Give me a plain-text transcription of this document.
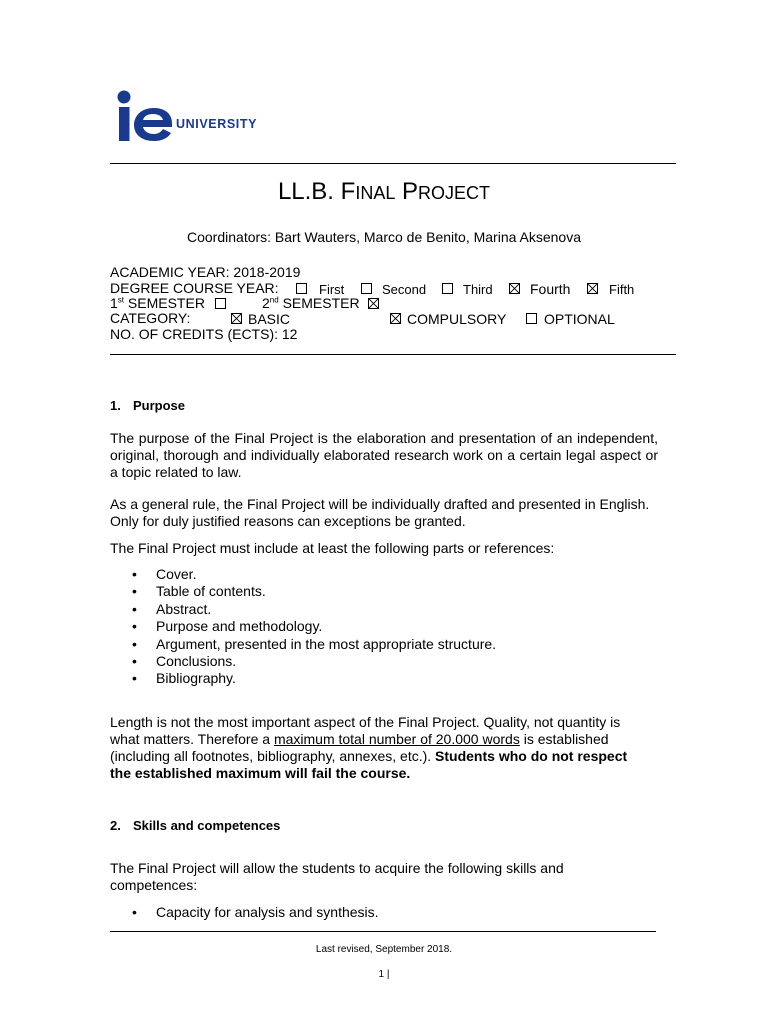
UNIVERSITY
LL.B. FINAL PROJECT
Coordinators: Bart Wauters, Marco de Benito, Marina Aksenova
ACADEMIC YEAR: 2018-2019
DEGREE COURSE YEAR:	First	Second	Third	Fourth	Fifth
1st SEMESTER	2nd SEMESTER
CATEGORY:	BASIC	COMPULSORY	OPTIONAL
NO. OF CREDITS (ECTS): 12
1. Purpose
The purpose of the Final Project is the elaboration and presentation of an independent, original, thorough and individually elaborated research work on a certain legal aspect or a topic related to law.
As a general rule, the Final Project will be individually drafted and presented in English. Only for duly justified reasons can exceptions be granted.
The Final Project must include at least the following parts or references:
• Cover.
• Table of contents.
• Abstract.
• Purpose and methodology.
• Argument, presented in the most appropriate structure.
• Conclusions.
• Bibliography.
Length is not the most important aspect of the Final Project. Quality, not quantity is what matters. Therefore a maximum total number of 20.000 words is established (including all footnotes, bibliography, annexes, etc.). Students who do not respect the established maximum will fail the course.
2. Skills and competences
The Final Project will allow the students to acquire the following skills and competences:
• Capacity for analysis and synthesis.
Last revised, September 2018.
1 |
